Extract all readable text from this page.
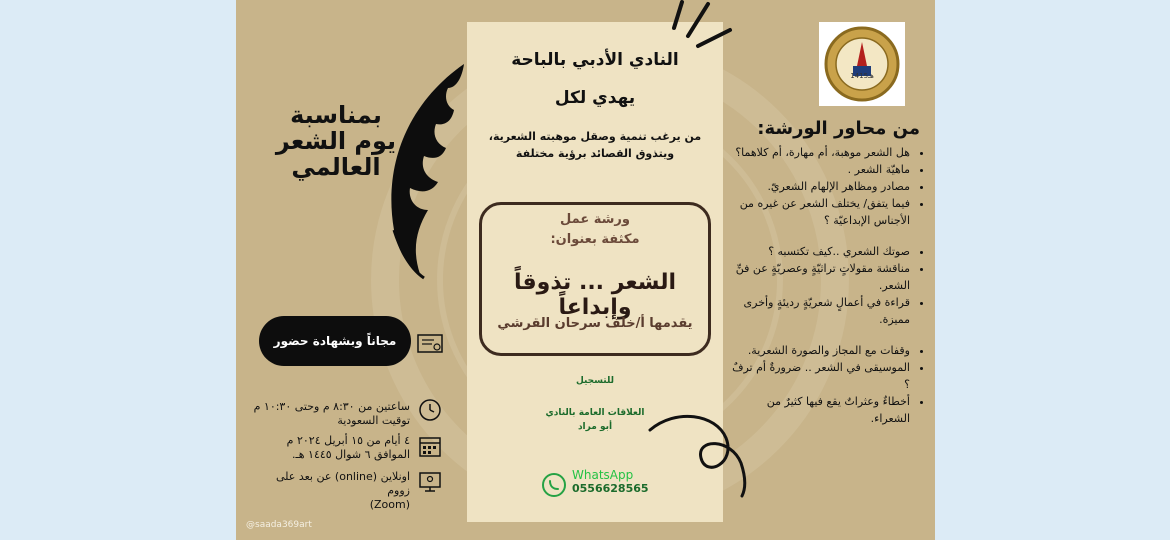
النادي الأدبي بالباحة
يهدي لكل
من يرغب تنمية وصقل موهبته الشعرية، ويتذوق القصائد برؤية مختلفة
ورشة عمل
مكثفة بعنوان:
الشعر ... تذوقاً وإبداعاً
يقدمها أ/خلف سرحان القرشي
للتسجيل
العلاقات العامة بالنادي
أبو مراد
WhatsApp
0556628565
بمناسبة
يوم الشعر
العالمي
مجاناً وبشهادة حضور
ساعتين من ٨:٣٠ م وحتى ١٠:٣٠ م
توقيت السعودية
٤ أيام من ١٥ أبريل ٢٠٢٤ م
الموافق ٦ شوال ١٤٤٥ هـ.
اونلاين (online) عن بعد على زووم
(Zoom)
1415هـ
من محاور الورشة:
• هل الشعر موهبة، أم مهارة، أم كلاهما؟
• ماهيّة الشعر .
• مصادر ومظاهر الإلهام الشعريّ.
• فيما يتفق/ يختلف الشعر عن غيره من الأجناس الإبداعيّة ؟
• صوتك الشعري ..كيف تكتسبه ؟
• مناقشة مقولاتٍ تراثيّةٍ وعصريّةٍ عن فنِّ الشعر.
• قراءة في أعمالٍ شعريّةٍ رديئةٍ وأخرى مميزة.
• وقفات مع المجاز والصورة الشعرية.
• الموسيقى في الشعر .. ضرورةٌ أم ترفٌ ؟
• أخطاءٌ وعثراتٌ يقع فيها كثيرٌ من الشعراء.
@saada369art
